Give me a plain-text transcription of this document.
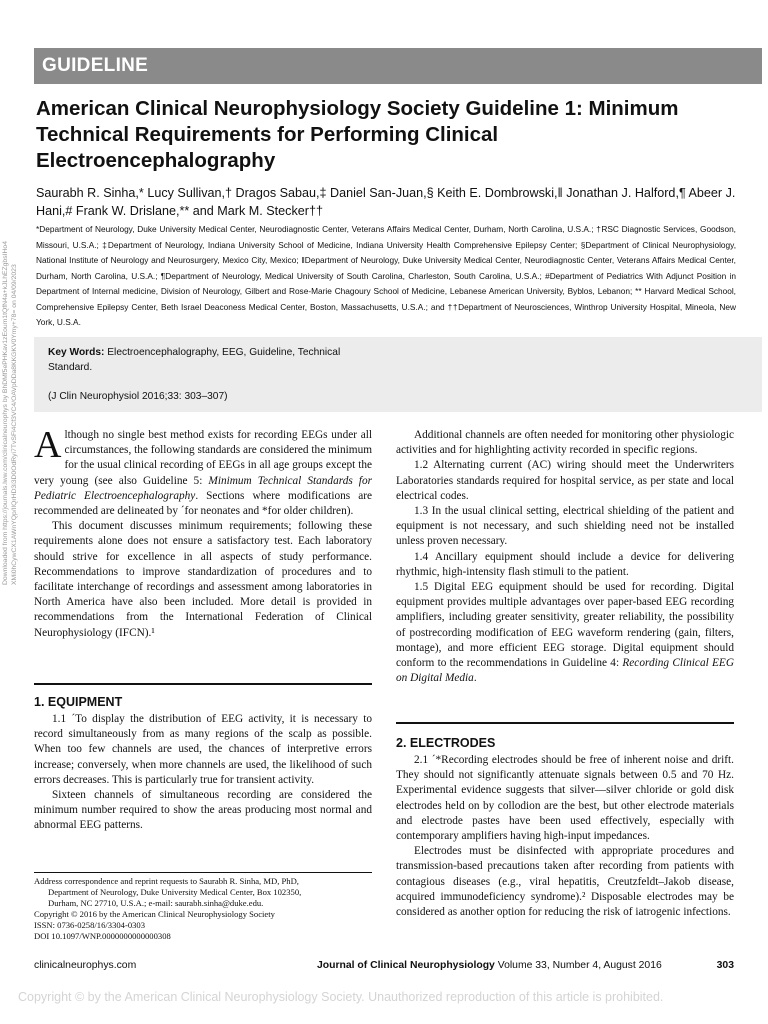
GUIDELINE
American Clinical Neurophysiology Society Guideline 1: Minimum Technical Requirements for Performing Clinical Electroencephalography
Saurabh R. Sinha,* Lucy Sullivan,† Dragos Sabau,‡ Daniel San-Juan,§ Keith E. Dombrowski,‖ Jonathan J. Halford,¶ Abeer J. Hani,# Frank W. Drislane,** and Mark M. Stecker††
*Department of Neurology, Duke University Medical Center, Neurodiagnostic Center, Veterans Affairs Medical Center, Durham, North Carolina, U.S.A.; †RSC Diagnostic Services, Goodson, Missouri, U.S.A.; ‡Department of Neurology, Indiana University School of Medicine, Indiana University Health Comprehensive Epilepsy Center; §Department of Clinical Neurophysiology, National Institute of Neurology and Neurosurgery, Mexico City, Mexico; ‖Department of Neurology, Duke University Medical Center, Neurodiagnostic Center, Veterans Affairs Medical Center, Durham, North Carolina, U.S.A.; ¶Department of Neurology, Medical University of South Carolina, Charleston, South Carolina, U.S.A.; #Department of Pediatrics With Adjunct Position in Department of Internal medicine, Division of Neurology, Gilbert and Rose-Marie Chagoury School of Medicine, Lebanese American University, Byblos, Lebanon; ** Harvard Medical School, Comprehensive Epilepsy Center, Beth Israel Deaconess Medical Center, Boston, Massachusetts, U.S.A.; and ††Department of Neurosciences, Winthrop University Hospital, Mineola, New York, U.S.A.
Key Words: Electroencephalography, EEG, Guideline, Technical Standard.
(J Clin Neurophysiol 2016;33: 303–307)
Downloaded from https://journals.lww.com/clinicalneurophys by BhDMf5ePHKav1zEoum1tQfN4a+kJLhEZgbsIHo4 XMi0hCywCX1AWnYQp/IlQrHD3i3D0OdRyi7TvSFl4Cf3VC4/OAVpDDa8KKGKV0Ymy+78= on 04/09/2023 Although no single best method exists for recording EEGs under all circumstances, the following standards are considered the minimum for the usual clinical recording of EEGs in all age groups except the very young (see also Guideline 5: Minimum Technical Standards for Pediatric Electroencephalography. Sections where modifications are recommended are delineated by ´for neonates and *for older children).

This document discusses minimum requirements; following these requirements alone does not ensure a satisfactory test. Each laboratory should strive for excellence in all aspects of study performance. Recommendations to improve standardization of procedures and to facilitate interchange of recordings and assessment among laboratories in North America have also been included. More detail is provided in recommendations from the International Federation of Clinical Neurophysiology (IFCN).¹

1. EQUIPMENT

1.1 ´To display the distribution of EEG activity, it is necessary to record simultaneously from as many regions of the scalp as possible. When too few channels are used, the chances of interpretive errors increase; conversely, when more channels are used, the likelihood of such errors decreases. This is particularly true for transient activity.

Sixteen channels of simultaneous recording are considered the minimum number required to show the areas producing most normal and abnormal EEG patterns.

Additional channels are often needed for monitoring other physiologic activities and for highlighting activity recorded in specific regions.

1.2 Alternating current (AC) wiring should meet the Underwriters Laboratories standards required for hospital service, as per state and local electrical codes.

1.3 In the usual clinical setting, electrical shielding of the patient and equipment is not necessary, and such shielding need not be installed unless proven necessary.

1.4 Ancillary equipment should include a device for delivering rhythmic, high-intensity flash stimuli to the patient.

1.5 Digital EEG equipment should be used for recording. Digital equipment provides multiple advantages over paper-based EEG recording amplifiers, including greater sensitivity, greater reliability, the possibility of postrecording modification of EEG waveform rendering (gain, filters, montage), and more efficient EEG storage. Digital equipment should conform to the recommendations in Guideline 4: Recording Clinical EEG on Digital Media.

2. ELECTRODES

2.1 ´*Recording electrodes should be free of inherent noise and drift. They should not significantly attenuate signals between 0.5 and 70 Hz. Experimental evidence suggests that silver—silver chloride or gold disk electrodes held on by collodion are the best, but other electrode materials and electrode pastes have been used effectively, especially with contemporary amplifiers having high-input impedances.

Electrodes must be disinfected with appropriate procedures and transmission-based precautions taken after recording from patients with contagious diseases (e.g., viral hepatitis, Creutzfeldt–Jakob disease, acquired immunodeficiency syndrome).² Disposable electrodes may be considered as another option for reducing the risk of iatrogenic infections.

Address correspondence and reprint requests to Saurabh R. Sinha, MD, PhD,
Department of Neurology, Duke University Medical Center, Box 102350,
Durham, NC 27710, U.S.A.; e-mail: saurabh.sinha@duke.edu.
Copyright © 2016 by the American Clinical Neurophysiology Society
ISSN: 0736-0258/16/3304-0303
DOI 10.1097/WNP.0000000000000308
clinicalneurophys.com	Journal of Clinical Neurophysiology Volume 33, Number 4, August 2016	303
Copyright © by the American Clinical Neurophysiology Society. Unauthorized reproduction of this article is prohibited.
